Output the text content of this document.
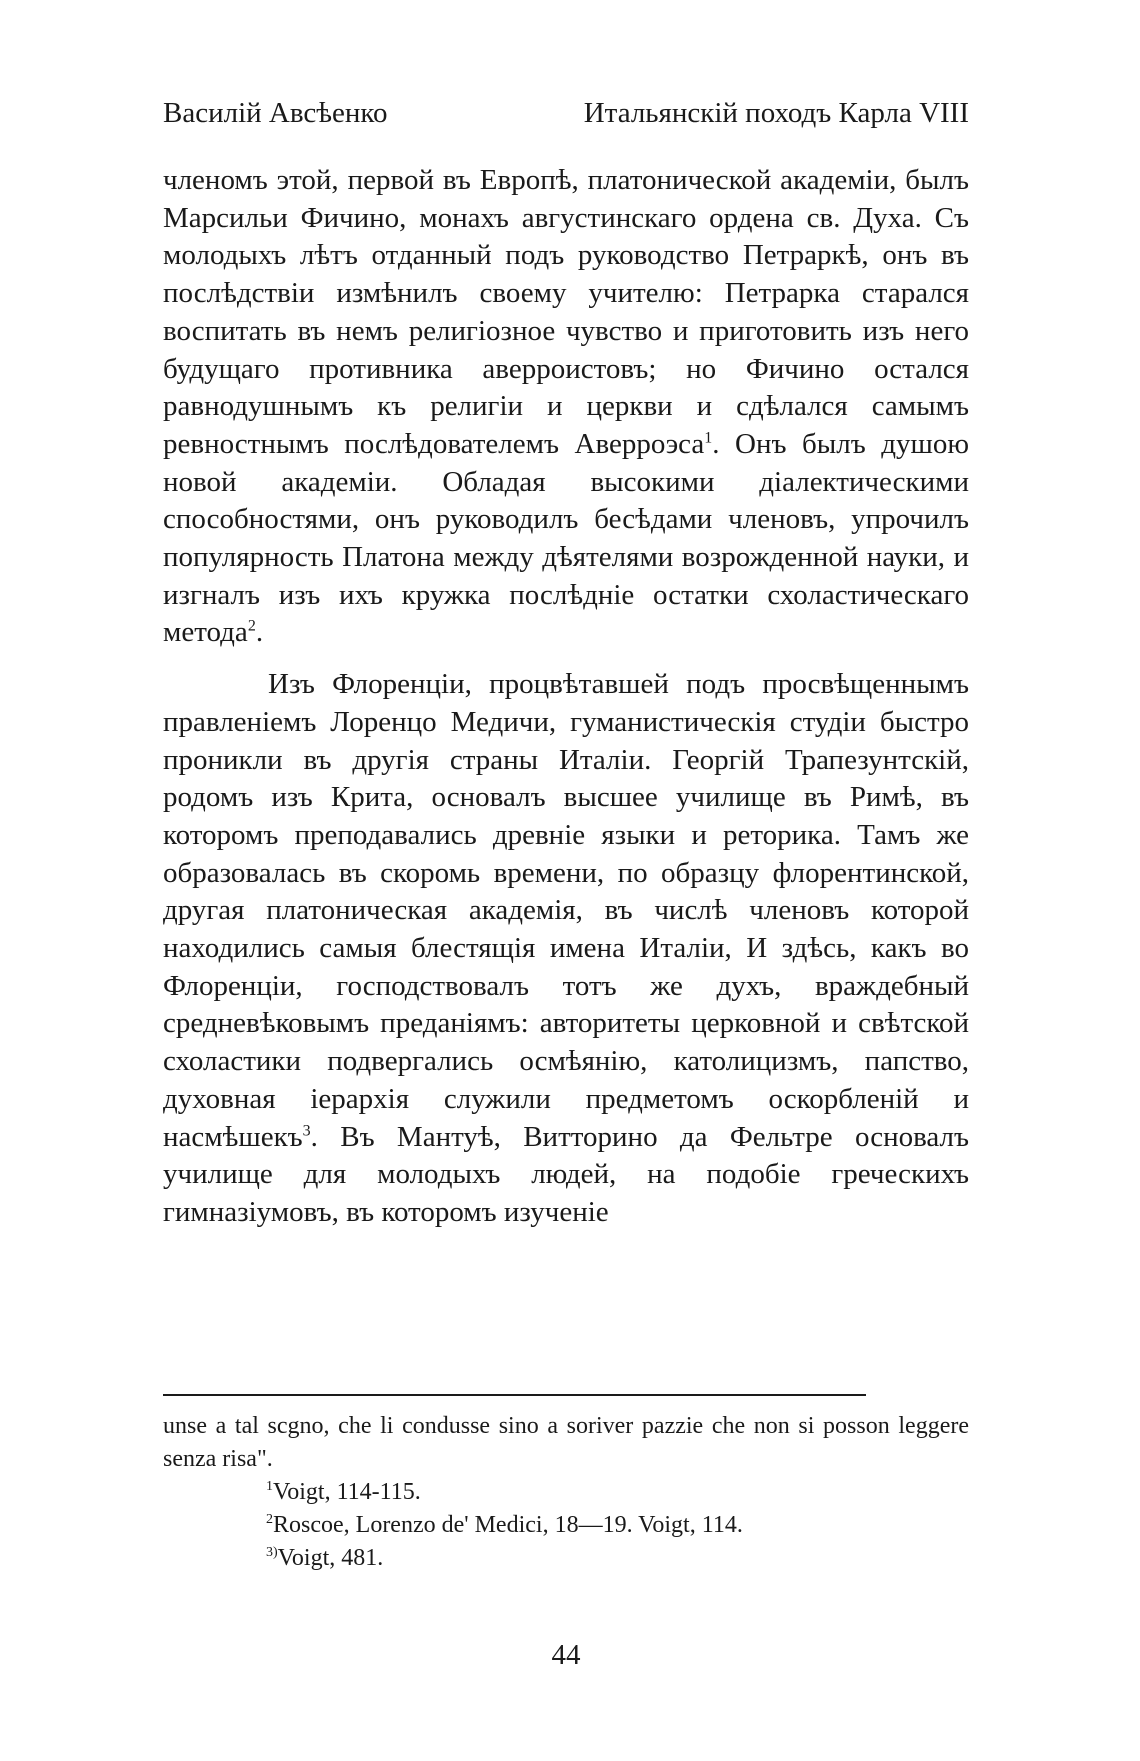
Василій Авсѣенко	Итальянскій походъ Карла VIII

членомъ этой, первой въ Европѣ, платонической академіи, былъ Марсильи Фичино, монахъ августинскаго ордена св. Духа. Съ молодыхъ лѣтъ отданный подъ руководство Петраркѣ, онъ въ послѣдствіи измѣнилъ своему учителю: Петрарка старался воспитать въ немъ религіозное чувство и приготовить изъ него будущаго противника аверроистовъ; но Фичино остался равнодушнымъ къ религіи и церкви и сдѣлался самымъ ревностнымъ послѣдователемъ Аверроэса$^1$. Онъ былъ душою новой академіи. Обладая высокими діалектическими способностями, онъ руководилъ бесѣдами членовъ, упрочилъ популярность Платона между дѣятелями возрожденной науки, и изгналъ изъ ихъ кружка послѣдніе остатки схоластическаго метода$^2$.

Изъ Флоренціи, процвѣтавшей подъ просвѣщеннымъ правленіемъ Лоренцо Медичи, гуманистическія студіи быстро проникли въ другія страны Италіи. Георгій Трапезунтскій, родомъ изъ Крита, основалъ высшее училище въ Римѣ, въ которомъ преподавались древніе языки и реторика. Тамъ же образовалась въ скоромь времени, по образцу флорентинской, другая платоническая академія, въ числѣ членовъ которой находились самыя блестящія имена Италіи, И здѣсь, какъ во Флоренціи, господствовалъ тотъ же духъ, враждебный средневѣковымъ преданіямъ: авторитеты церковной и свѣтской схоластики подвергались осмѣянію, католицизмъ, папство, духовная іерархія служили предметомъ оскорбленій и насмѣшекъ$^3$. Въ Мантуѣ, Витторино да Фельтре основалъ училище для молодыхъ людей, на подобіе греческихъ гимназіумовъ, въ которомъ изученіе

unse a tal scgno, che li condusse sino a soriver pazzie che non si posson leggere senza risa".

$^1$Voigt, 114-115.

$^2$Roscoe, Lorenzo de' Medici, 18—19. Voigt, 114.

$^{3)}$Voigt, 481.

44
